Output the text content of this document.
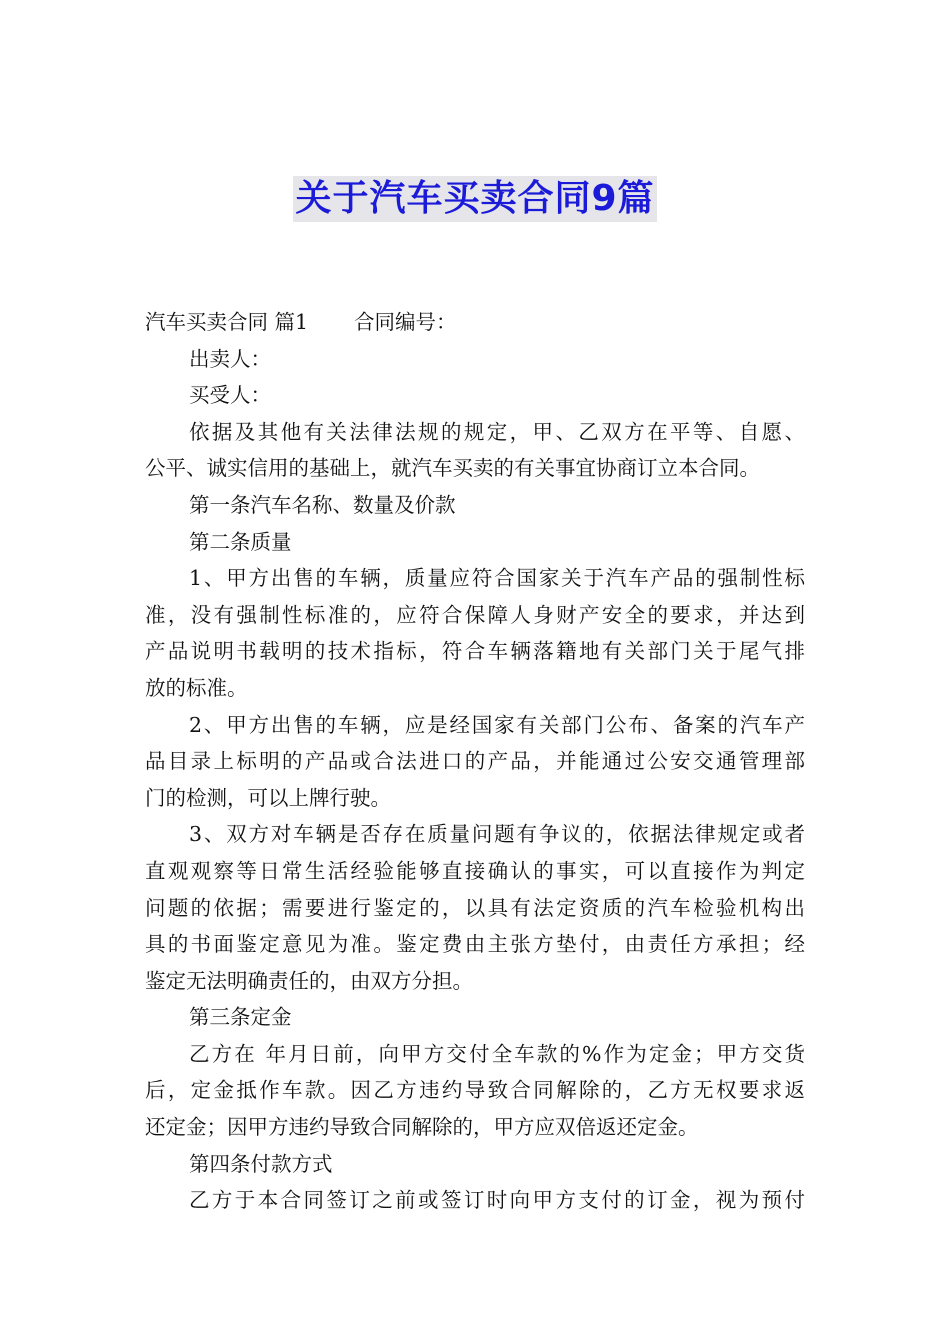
关于汽车买卖合同9篇
汽车买卖合同 篇1 合同编号：
出卖人：
买受人：
依据及其他有关法律法规的规定，甲、乙双方在平等、自愿、
公平、诚实信用的基础上，就汽车买卖的有关事宜协商订立本合同。
第一条汽车名称、数量及价款
第二条质量
1、甲方出售的车辆，质量应符合国家关于汽车产品的强制性标
准，没有强制性标准的，应符合保障人身财产安全的要求，并达到
产品说明书载明的技术指标，符合车辆落籍地有关部门关于尾气排
放的标准。
2、甲方出售的车辆，应是经国家有关部门公布、备案的汽车产
品目录上标明的产品或合法进口的产品，并能通过公安交通管理部
门的检测，可以上牌行驶。
3、双方对车辆是否存在质量问题有争议的，依据法律规定或者
直观观察等日常生活经验能够直接确认的事实，可以直接作为判定
问题的依据；需要进行鉴定的，以具有法定资质的汽车检验机构出
具的书面鉴定意见为准。鉴定费由主张方垫付，由责任方承担；经
鉴定无法明确责任的，由双方分担。
第三条定金
乙方在 年月日前，向甲方交付全车款的%作为定金；甲方交货
后，定金抵作车款。因乙方违约导致合同解除的，乙方无权要求返
还定金；因甲方违约导致合同解除的，甲方应双倍返还定金。
第四条付款方式
乙方于本合同签订之前或签订时向甲方支付的订金，视为预付
